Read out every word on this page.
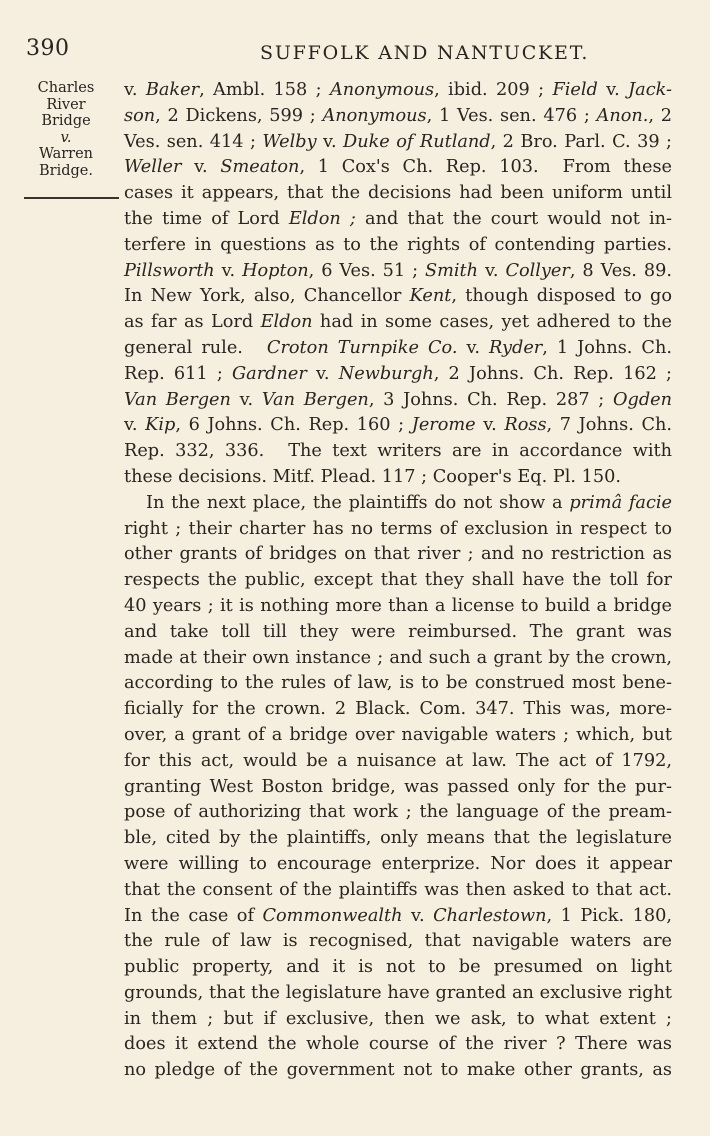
390	SUFFOLK AND NANTUCKET.
Charles
River
Bridge
v.
Warren
Bridge.
v. Baker, Ambl. 158 ; Anonymous, ibid. 209 ; Field v. Jack-
son, 2 Dickens, 599 ; Anonymous, 1 Ves. sen. 476 ; Anon., 2
Ves. sen. 414 ; Welby v. Duke of Rutland, 2 Bro. Parl. C. 39 ;
Weller v. Smeaton, 1 Cox's Ch. Rep. 103. From these
cases it appears, that the decisions had been uniform until
the time of Lord Eldon ; and that the court would not in-
terfere in questions as to the rights of contending parties.
Pillsworth v. Hopton, 6 Ves. 51 ; Smith v. Collyer, 8 Ves. 89.
In New York, also, Chancellor Kent, though disposed to go
as far as Lord Eldon had in some cases, yet adhered to the
general rule. Croton Turnpike Co. v. Ryder, 1 Johns. Ch.
Rep. 611 ; Gardner v. Newburgh, 2 Johns. Ch. Rep. 162 ;
Van Bergen v. Van Bergen, 3 Johns. Ch. Rep. 287 ; Ogden
v. Kip, 6 Johns. Ch. Rep. 160 ; Jerome v. Ross, 7 Johns. Ch.
Rep. 332, 336. The text writers are in accordance with
these decisions. Mitf. Plead. 117 ; Cooper's Eq. Pl. 150.
In the next place, the plaintiffs do not show a primâ facie
right ; their charter has no terms of exclusion in respect to
other grants of bridges on that river ; and no restriction as
respects the public, except that they shall have the toll for
40 years ; it is nothing more than a license to build a bridge
and take toll till they were reimbursed. The grant was
made at their own instance ; and such a grant by the crown,
according to the rules of law, is to be construed most bene-
ficially for the crown. 2 Black. Com. 347. This was, more-
over, a grant of a bridge over navigable waters ; which, but
for this act, would be a nuisance at law. The act of 1792,
granting West Boston bridge, was passed only for the pur-
pose of authorizing that work ; the language of the pream-
ble, cited by the plaintiffs, only means that the legislature
were willing to encourage enterprize. Nor does it appear
that the consent of the plaintiffs was then asked to that act.
In the case of Commonwealth v. Charlestown, 1 Pick. 180,
the rule of law is recognised, that navigable waters are
public property, and it is not to be presumed on light
grounds, that the legislature have granted an exclusive right
in them ; but if exclusive, then we ask, to what extent ;
does it extend the whole course of the river ? There was
no pledge of the government not to make other grants, as
